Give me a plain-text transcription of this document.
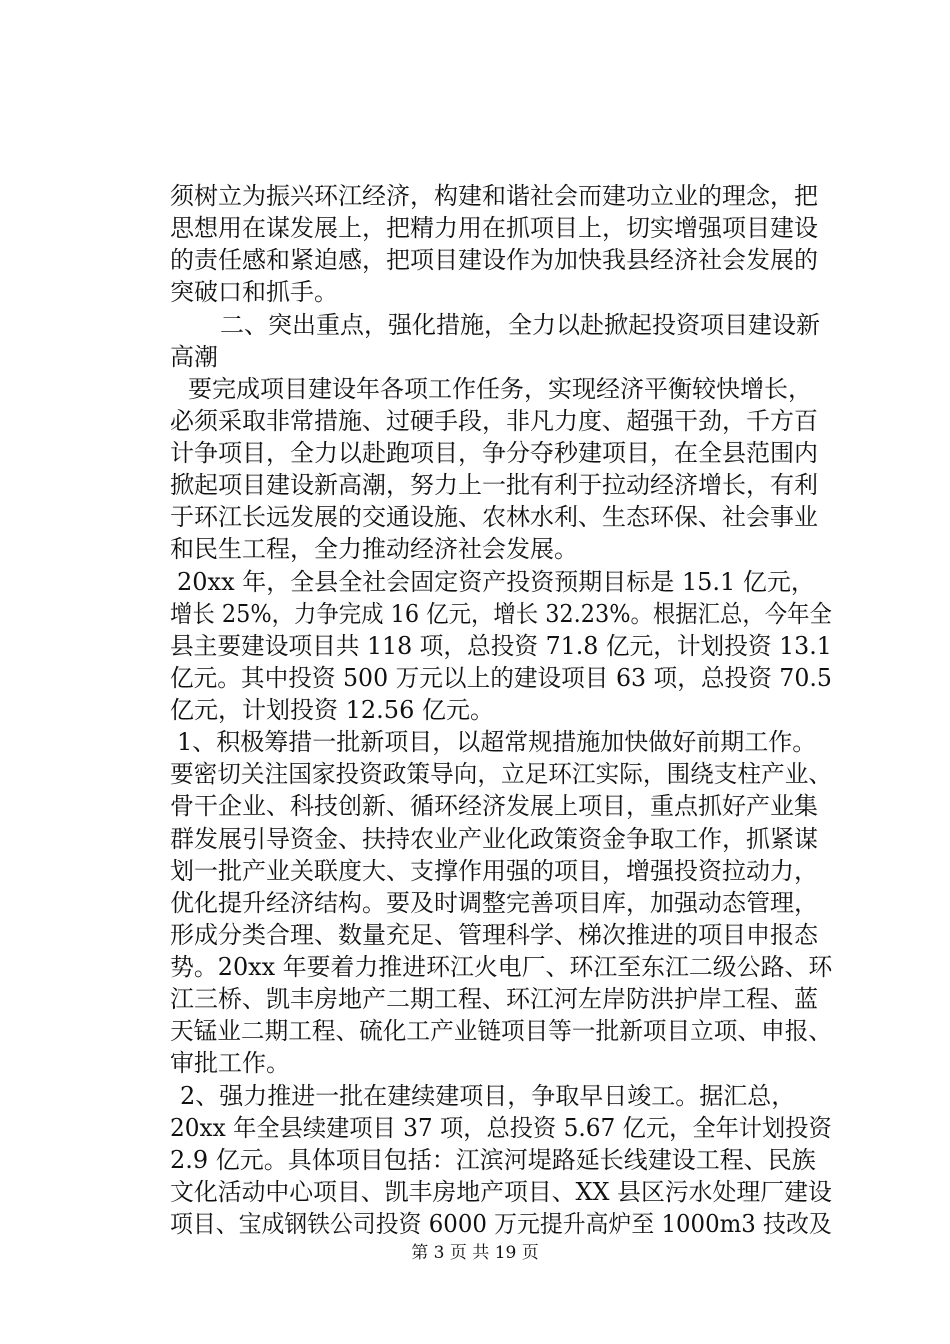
须树立为振兴环江经济，构建和谐社会而建功立业的理念，把
思想用在谋发展上，把精力用在抓项目上，切实增强项目建设
的责任感和紧迫感，把项目建设作为加快我县经济社会发展的
突破口和抓手。
二、突出重点，强化措施，全力以赴掀起投资项目建设新
高潮
要完成项目建设年各项工作任务，实现经济平衡较快增长，
必须采取非常措施、过硬手段，非凡力度、超强干劲，千方百
计争项目，全力以赴跑项目，争分夺秒建项目，在全县范围内
掀起项目建设新高潮，努力上一批有利于拉动经济增长，有利
于环江长远发展的交通设施、农林水利、生态环保、社会事业
和民生工程，全力推动经济社会发展。
20xx 年，全县全社会固定资产投资预期目标是 15.1 亿元，
增长 25%，力争完成 16 亿元，增长 32.23%。根据汇总，今年全
县主要建设项目共 118 项，总投资 71.8 亿元，计划投资 13.1
亿元。其中投资 500 万元以上的建设项目 63 项，总投资 70.5
亿元，计划投资 12.56 亿元。
1、积极筹措一批新项目，以超常规措施加快做好前期工作。
要密切关注国家投资政策导向，立足环江实际，围绕支柱产业、
骨干企业、科技创新、循环经济发展上项目，重点抓好产业集
群发展引导资金、扶持农业产业化政策资金争取工作，抓紧谋
划一批产业关联度大、支撑作用强的项目，增强投资拉动力，
优化提升经济结构。要及时调整完善项目库，加强动态管理，
形成分类合理、数量充足、管理科学、梯次推进的项目申报态
势。20xx 年要着力推进环江火电厂、环江至东江二级公路、环
江三桥、凯丰房地产二期工程、环江河左岸防洪护岸工程、蓝
天锰业二期工程、硫化工产业链项目等一批新项目立项、申报、
审批工作。
2、强力推进一批在建续建项目，争取早日竣工。据汇总，
20xx 年全县续建项目 37 项，总投资 5.67 亿元，全年计划投资
2.9 亿元。具体项目包括：江滨河堤路延长线建设工程、民族
文化活动中心项目、凯丰房地产项目、XX 县区污水处理厂建设
项目、宝成钢铁公司投资 6000 万元提升高炉至 1000m3 技改及
第 3 页 共 19 页
